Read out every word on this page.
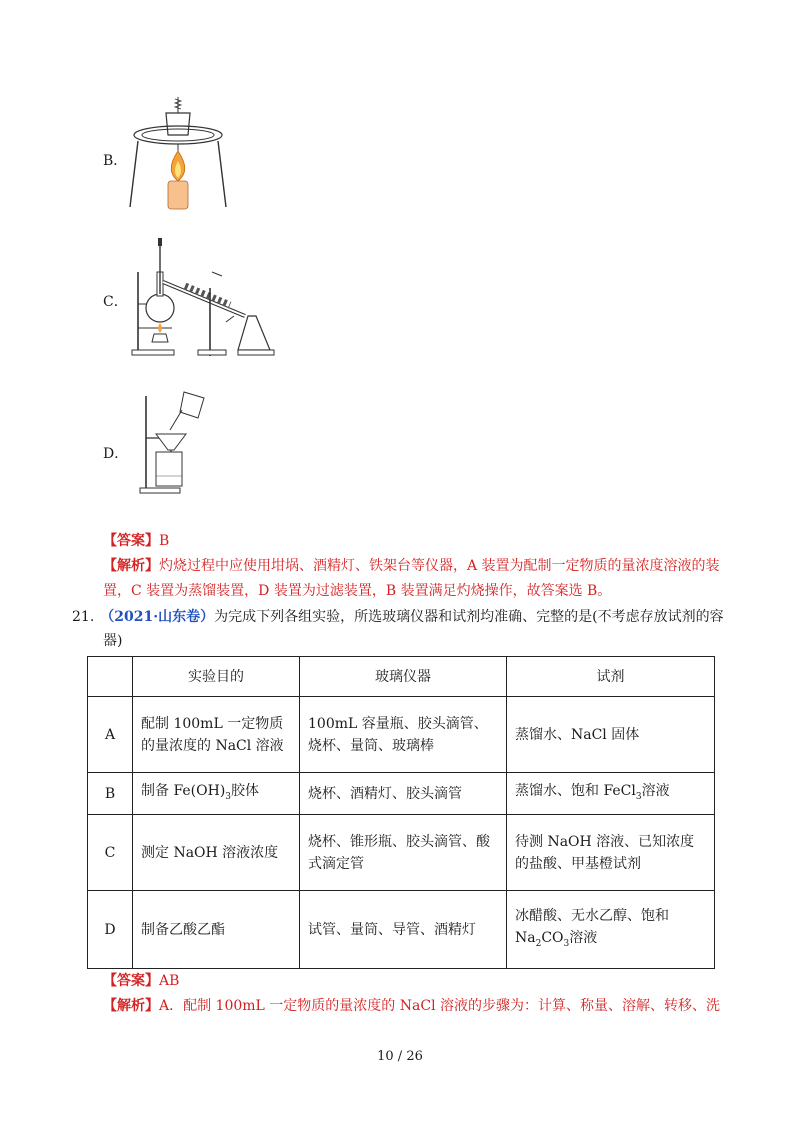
B．
C．
D．
【答案】B
【解析】灼烧过程中应使用坩埚、酒精灯、铁架台等仪器，A 装置为配制一定物质的量浓度溶液的装
置，C 装置为蒸馏装置，D 装置为过滤装置，B 装置满足灼烧操作，故答案选 B。
21. （2021·山东卷）为完成下列各组实验，所选玻璃仪器和试剂均准确、完整的是(不考虑存放试剂的容
器)
	实验目的	玻璃仪器	试剂
A	配制 100mL 一定物质的量浓度的 NaCl 溶液	100mL 容量瓶、胶头滴管、烧杯、量筒、玻璃棒	蒸馏水、NaCl 固体
B	制备 $Fe(OH)_3$胶体	烧杯、酒精灯、胶头滴管	蒸馏水、饱和 FeCl$_3$溶液
C	测定 NaOH 溶液浓度	烧杯、锥形瓶、胶头滴管、酸式滴定管	待测 NaOH 溶液、已知浓度的盐酸、甲基橙试剂
D	制备乙酸乙酯	试管、量筒、导管、酒精灯	冰醋酸、无水乙醇、饱和
$Na_2CO_3$溶液
【答案】AB
【解析】A．配制 100mL 一定物质的量浓度的 NaCl 溶液的步骤为：计算、称量、溶解、转移、洗
10 / 26
